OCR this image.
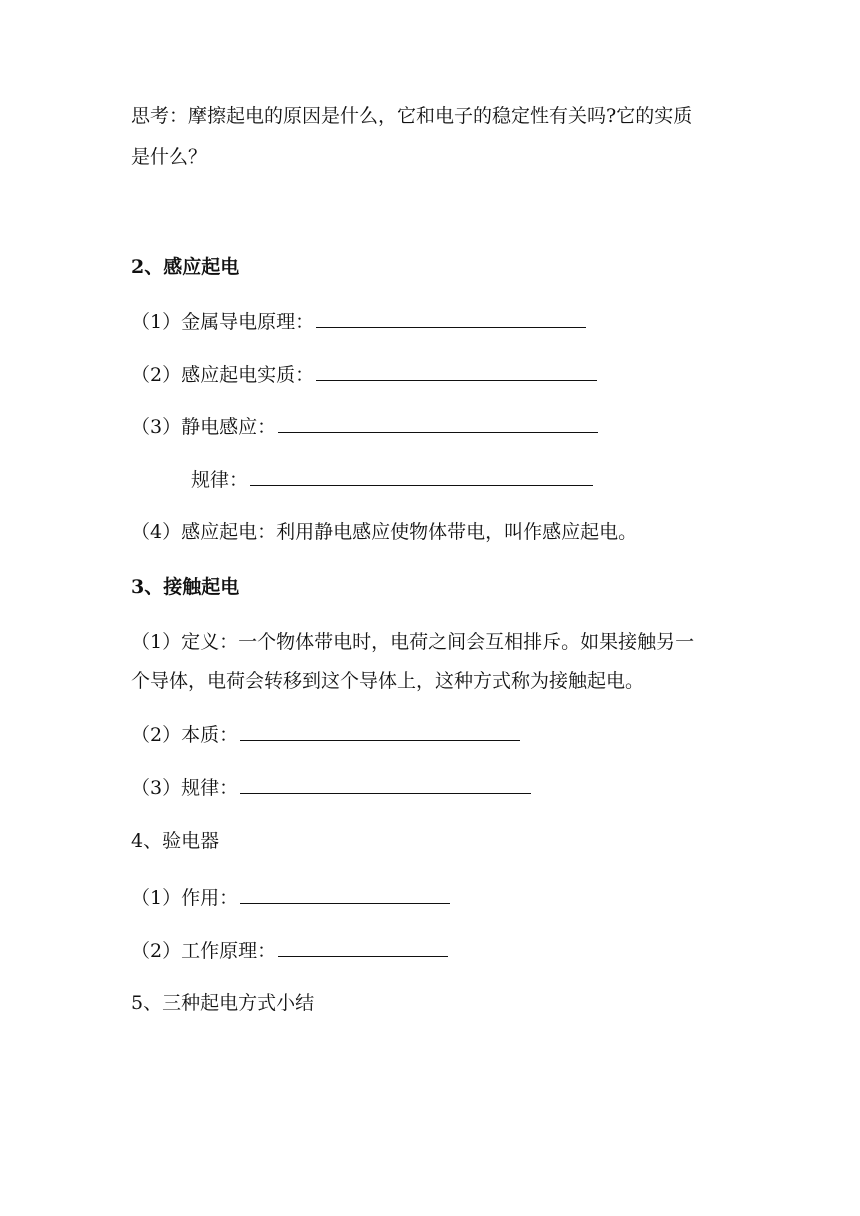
思考：摩擦起电的原因是什么，它和电子的稳定性有关吗?它的实质
是什么？
2、感应起电
（1）金属导电原理：
（2）感应起电实质：
（3）静电感应：
规律：
（4）感应起电：利用静电感应使物体带电，叫作感应起电。
3、接触起电
（1）定义：一个物体带电时，电荷之间会互相排斥。如果接触另一
个导体，电荷会转移到这个导体上，这种方式称为接触起电。
（2）本质：
（3）规律：
4、验电器
（1）作用：
（2）工作原理：
5、三种起电方式小结
